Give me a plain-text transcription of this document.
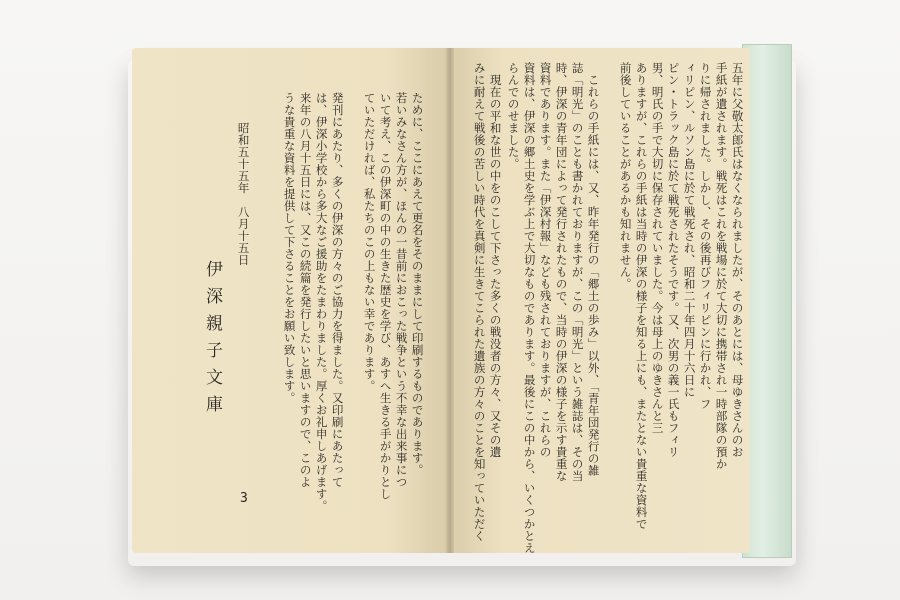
五年に父敬太郎氏はなくなられましたが、そのあとには、母ゆきさんのお
手紙が遺されます。戦死はこれを戦場に於て大切に携帯され一時部隊の預か
りに帰されました。しかし、その後再びフィリピンに行かれ、フ
ィリピン、ルソン島に於て戦死され、昭和二十年四月十六日に
ピン・トラック島に於て戦死されたそうです。又、次男の義一氏もフィリ
男、明氏の手で大切に保存されていました。今は母上のゆきさんと三
ありますが、これらの手紙は当時の伊深の様子を知る上にも、またとない貴重な資料で
前後していることがあるかも知れません。
　これらの手紙には、又、昨年発行の「郷土の歩み」以外、「青年団発行の雑
誌「明光」のことも書かれておりますが、この「明光」という雑誌は、その当
時、伊深の青年団によって発行されたもので、当時の伊深の様子を示す貴重な
資料であります。また「伊深村報」なども残されておりますが、これらの
資料は、伊深の郷土史を学ぶ上で大切なものであります。最後にこの中から、いくつかとえ
らんでのせました。
　現在の平和な世の中をのこして下さった多くの戦没者の方々、又その遺
みに耐えて戦後の苦しい時代を真剣に生きてこられた遺族の方々のことを知っていただく
ために、ここにあえて更名をそのままにして印刷するものであります。
若いみなさん方が、ほんの一昔前におこった戦争という不幸な出来事につ
いて考え、この伊深町の中の生きた歴史を学び、あすへ生きる手がかりとし
ていただければ、私たちのこの上もない幸であります。
発刊にあたり、多くの伊深の方々のご協力を得ました。又印刷にあたって
は、伊深小学校から多大なご援助をたまわりました。厚くお礼申しあげます。
来年の八月十五日には、又この続篇を発行したいと思いますので、このよ
うな貴重な資料を提供して下さることをお願い致します。
昭和五十五年　八月十五日
伊深親子文庫
3
